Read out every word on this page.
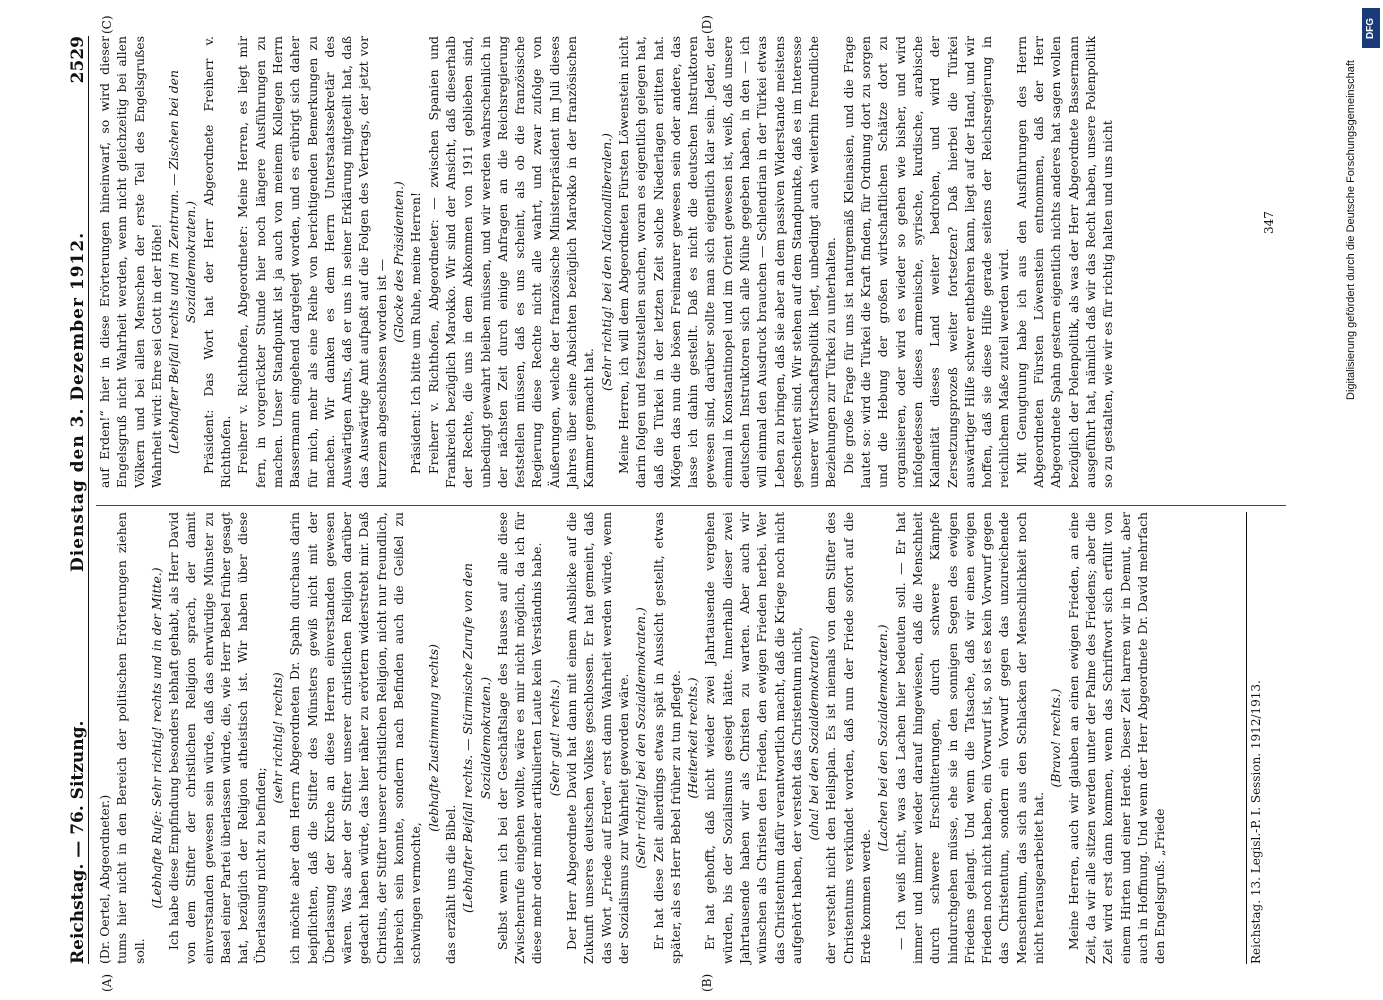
Reichstag. — 76. Sitzung.
Dienstag den 3. Dezember 1912.
2529
(A)	(B)
(C)	(D)

(Dr. Oertel, Abgeordneter.) tums hier nicht in den Bereich der politischen Erörterungen ziehen soll.

(Lebhafte Rufe: Sehr richtig! rechts und in der Mitte.) Ich habe diese Empfindung besonders lebhaft gehabt, als Herr David von dem Stifter der christlichen Religion sprach, der damit einverstanden gewesen sein würde, daß das ehrwürdige Münster zu Basel einer Partei überlassen würde, die, wie Herr Bebel früher gesagt hat, bezüglich der Religion atheistisch ist. Wir haben über diese Überlassung nicht zu befinden;

(sehr richtig! rechts) ich möchte aber dem Herrn Abgeordneten Dr. Spahn durchaus darin beipflichten, daß die Stifter des Münsters gewiß nicht mit der Überlassung der Kirche an diese Herren einverstanden gewesen wären. Was aber der Stifter unserer christlichen Religion darüber gedacht haben würde, das hier näher zu erörtern widerstrebt mir. Daß Christus, der Stifter unserer christlichen Religion, nicht nur freundlich, liebreich sein konnte, sondern nach Befinden auch die Geißel zu schwingen vermochte,

(lebhafte Zustimmung rechts)

das erzählt uns die Bibel. (Lebhafter Beifall rechts. — Stürmische Zurufe von den Sozialdemokraten.) Selbst wenn ich bei der Geschäftslage des Hauses auf alle diese Zwischenrufe eingehen wollte, wäre es mir nicht möglich, da ich für diese mehr oder minder artikulierten Laute kein Verständnis habe. (Sehr gut! rechts.) Der Herr Abgeordnete David hat dann mit einem Ausblicke auf die Zukunft unseres deutschen Volkes geschlossen. Er hat gemeint, daß das Wort „Friede auf Erden“ erst dann Wahrheit werden würde, wenn der Sozialismus zur Wahrheit geworden wäre. (Sehr richtig! bei den Sozialdemokraten.) Er hat diese Zeit allerdings etwas spät in Aussicht gestellt, etwas später, als es Herr Bebel früher zu tun pflegte. (Heiterkeit rechts.) Er hat gehofft, daß nicht wieder zwei Jahrtausende vergehen würden, bis der Sozialismus gesiegt hätte. Innerhalb dieser zwei Jahrtausende haben wir als Christen zu warten. Aber auch wir wünschen als Christen den Frieden, den ewigen Frieden herbei. Wer das Christentum dafür verantwortlich macht, daß die Kriege noch nicht aufgehört haben, der versteht das Christentum nicht, (aha! bei den Sozialdemokraten) der versteht nicht den Heilsplan. Es ist niemals von dem Stifter des Christentums verkündet worden, daß nun der Friede sofort auf die Erde kommen werde.

(Lachen bei den Sozialdemokraten.) — Ich weiß nicht, was das Lachen hier bedeuten soll. — Er hat immer und immer wieder darauf hingewiesen, daß die Menschheit durch schwere Erschütterungen, durch schwere Kämpfe hindurchgehen müsse, ehe sie in den sonnigen Segen des ewigen Friedens gelangt. Und wenn die Tatsache, daß wir einen ewigen Frieden noch nicht haben, ein Vorwurf ist, so ist es kein Vorwurf gegen das Christentum, sondern ein Vorwurf gegen das unzureichende Menschentum, das sich aus den Schlacken der Menschlichkeit noch nicht herausgearbeitet hat.

(Bravo! rechts.) Meine Herren, auch wir glauben an einen ewigen Frieden, an eine Zeit, da wir alle sitzen werden unter der Palme des Friedens; aber die Zeit wird erst dann kommen, wenn das Schriftwort sich erfüllt von einem Hirten und einer Herde. Dieser Zeit harren wir in Demut, aber auch in Hoffnung. Und wenn der Herr Abgeordnete Dr. David mehrfach den Engelsgruß: „Friede

auf Erden!“ hier in diese Erörterungen hineinwarf, so wird dieser Engelsgruß nicht Wahrheit werden, wenn nicht gleichzeitig bei allen Völkern und bei allen Menschen der erste Teil des Engelsgrußes Wahrheit wird: Ehre sei Gott in der Höhe! (Lebhafter Beifall rechts und im Zentrum. — Zischen bei den Sozialdemokraten.) Präsident: Das Wort hat der Herr Abgeordnete Freiherr v. Richthofen. Freiherr v. Richthofen, Abgeordneter: Meine Herren, es liegt mir fern, in vorgerückter Stunde hier noch längere Ausführungen zu machen. Unser Standpunkt ist ja auch von meinem Kollegen Herrn Bassermann eingehend dargelegt worden, und es erübrigt sich daher für mich, mehr als eine Reihe von berichtigenden Bemerkungen zu machen. Wir danken es dem Herrn Unterstaatssekretär des Auswärtigen Amts, daß er uns in seiner Erklärung mitgeteilt hat, daß das Auswärtige Amt aufpaßt auf die Folgen des Vertrags, der jetzt vor kurzem abgeschlossen worden ist — (Glocke des Präsidenten.) Präsident: Ich bitte um Ruhe, meine Herren! Freiherr v. Richthofen, Abgeordneter: — zwischen Spanien und Frankreich bezüglich Marokko. Wir sind der Ansicht, daß dieserhalb der Rechte, die uns in dem Abkommen von 1911 geblieben sind, unbedingt gewahrt bleiben müssen, und wir werden wahrscheinlich in der nächsten Zeit durch einige Anfragen an die Reichsregierung feststellen müssen, daß es uns scheint, als ob die französische Regierung diese Rechte nicht alle wahrt, und zwar zufolge von Äußerungen, welche der französische Ministerpräsident im Juli dieses Jahres über seine Absichten bezüglich Marokko in der französischen Kammer gemacht hat.

(Sehr richtig! bei den Nationalliberalen.) Meine Herren, ich will dem Abgeordneten Fürsten Löwenstein nicht darin folgen und festzustellen suchen, woran es eigentlich gelegen hat, daß die Türkei in der letzten Zeit solche Niederlagen erlitten hat. Mögen das nun die bösen Freimaurer gewesen sein oder andere, das lasse ich dahin gestellt. Daß es nicht die deutschen Instruktoren gewesen sind, darüber sollte man sich eigentlich klar sein. Jeder, der einmal in Konstantinopel und im Orient gewesen ist, weiß, daß unsere deutschen Instruktoren sich alle Mühe gegeben haben, in den — ich will einmal den Ausdruck brauchen — Schlendrian in der Türkei etwas Leben zu bringen, daß sie aber an dem passiven Widerstande meistens gescheitert sind. Wir stehen auf dem Standpunkte, daß es im Interesse unserer Wirtschaftspolitik liegt, unbedingt auch weiterhin freundliche Beziehungen zur Türkei zu unterhalten. Die große Frage für uns ist naturgemäß Kleinasien, und die Frage lautet so: wird die Türkei die Kraft finden, für Ordnung dort zu sorgen und die Hebung der großen wirtschaftlichen Schätze dort zu organisieren, oder wird es wieder so gehen wie bisher, und wird infolgedessen dieses armenische, syrische, kurdische, arabische Kalamität dieses Land weiter bedrohen, und wird der Zersetzungsprozeß weiter fortsetzen? Daß hierbei die Türkei auswärtiger Hilfe schwer entbehren kann, liegt auf der Hand, und wir hoffen, daß sie diese Hilfe gerade seitens der Reichsregierung in reichlichem Maße zuteil werden wird. Mit Genugtuung habe ich aus den Ausführungen des Herrn Abgeordneten Fürsten Löwenstein entnommen, daß der Herr Abgeordnete Spahn gestern eigentlich nichts anderes hat sagen wollen bezüglich der Polenpolitik, als was der Herr Abgeordnete Bassermann ausgeführt hat, nämlich daß wir das Recht haben, unsere Polenpolitik so zu gestalten, wie wir es für richtig halten und uns nicht

Reichstag. 13. Legisl.-P. I. Session. 1912/1913.
347	Digitalisierung gefördert durch die Deutsche Forschungsgemeinschaft
DFG
